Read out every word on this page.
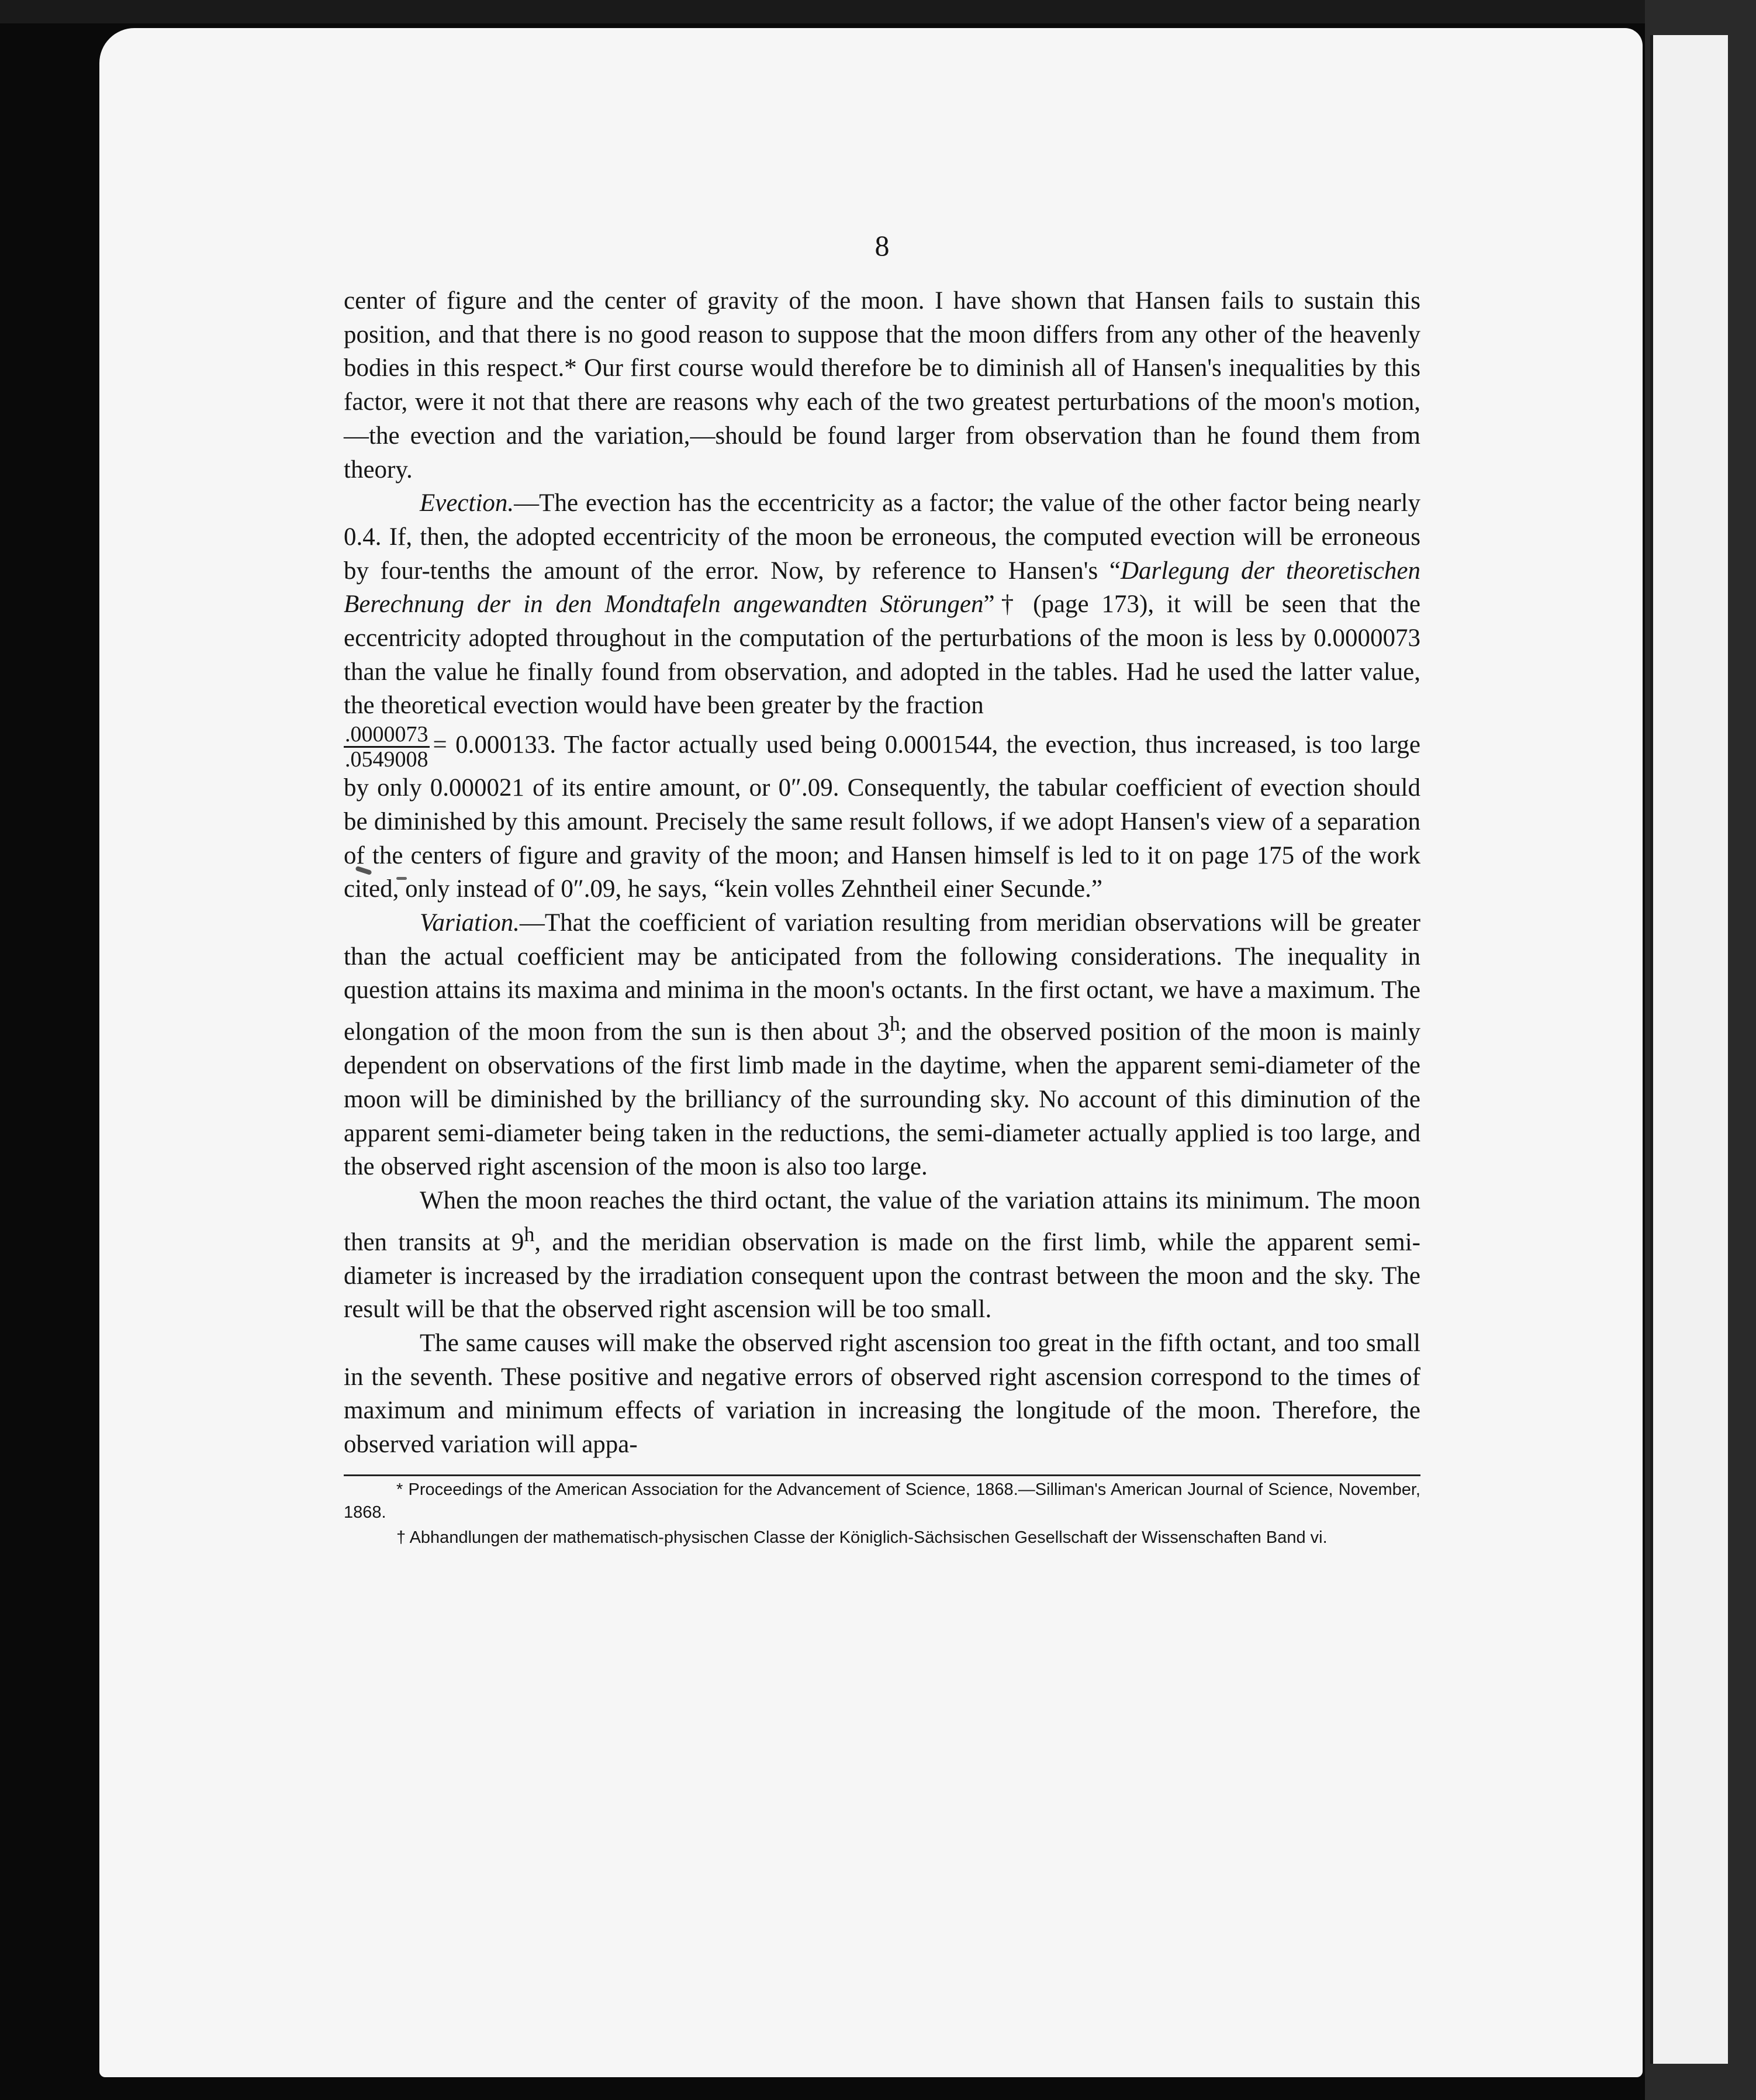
8

center of figure and the center of gravity of the moon. I have shown that Hansen fails to sustain this position, and that there is no good reason to suppose that the moon differs from any other of the heavenly bodies in this respect.* Our first course would therefore be to diminish all of Hansen's inequalities by this factor, were it not that there are reasons why each of the two greatest perturbations of the moon's motion,—the evection and the variation,—should be found larger from observation than he found them from theory.

Evection.—The evection has the eccentricity as a factor; the value of the other factor being nearly 0.4. If, then, the adopted eccentricity of the moon be erroneous, the computed evection will be erroneous by four-tenths the amount of the error. Now, by reference to Hansen's “Darlegung der theoretischen Berechnung der in den Mondtafeln angewandten Störungen”† (page 173), it will be seen that the eccentricity adopted throughout in the computation of the perturbations of the moon is less by 0.0000073 than the value he finally found from observation, and adopted in the tables. Had he used the latter value, the theoretical evection would have been greater by the fraction

$\frac{.0000073}{.0549008} = 0.000133$. The factor actually used being 0.0001544, the evection, thus increased, is too large by only 0.000021 of its entire amount, or 0″.09. Consequently, the tabular coefficient of evection should be diminished by this amount. Precisely the same result follows, if we adopt Hansen's view of a separation of the centers of figure and gravity of the moon; and Hansen himself is led to it on page 175 of the work cited, only instead of 0″.09, he says, “kein volles Zehntheil einer Secunde.”

Variation.—That the coefficient of variation resulting from meridian observations will be greater than the actual coefficient may be anticipated from the following considerations. The inequality in question attains its maxima and minima in the moon's octants. In the first octant, we have a maximum. The elongation of the moon from the sun is then about 3$^h$; and the observed position of the moon is mainly dependent on observations of the first limb made in the daytime, when the apparent semi-diameter of the moon will be diminished by the brilliancy of the surrounding sky. No account of this diminution of the apparent semi-diameter being taken in the reductions, the semi-diameter actually applied is too large, and the observed right ascension of the moon is also too large.

When the moon reaches the third octant, the value of the variation attains its minimum. The moon then transits at 9$^h$, and the meridian observation is made on the first limb, while the apparent semi-diameter is increased by the irradiation consequent upon the contrast between the moon and the sky. The result will be that the observed right ascension will be too small.

The same causes will make the observed right ascension too great in the fifth octant, and too small in the seventh. These positive and negative errors of observed right ascension correspond to the times of maximum and minimum effects of variation in increasing the longitude of the moon. Therefore, the observed variation will appa-

* Proceedings of the American Association for the Advancement of Science, 1868.—Silliman's American Journal of Science, November, 1868.

† Abhandlungen der mathematisch-physischen Classe der Königlich-Sächsischen Gesellschaft der Wissenschaften Band vi.
